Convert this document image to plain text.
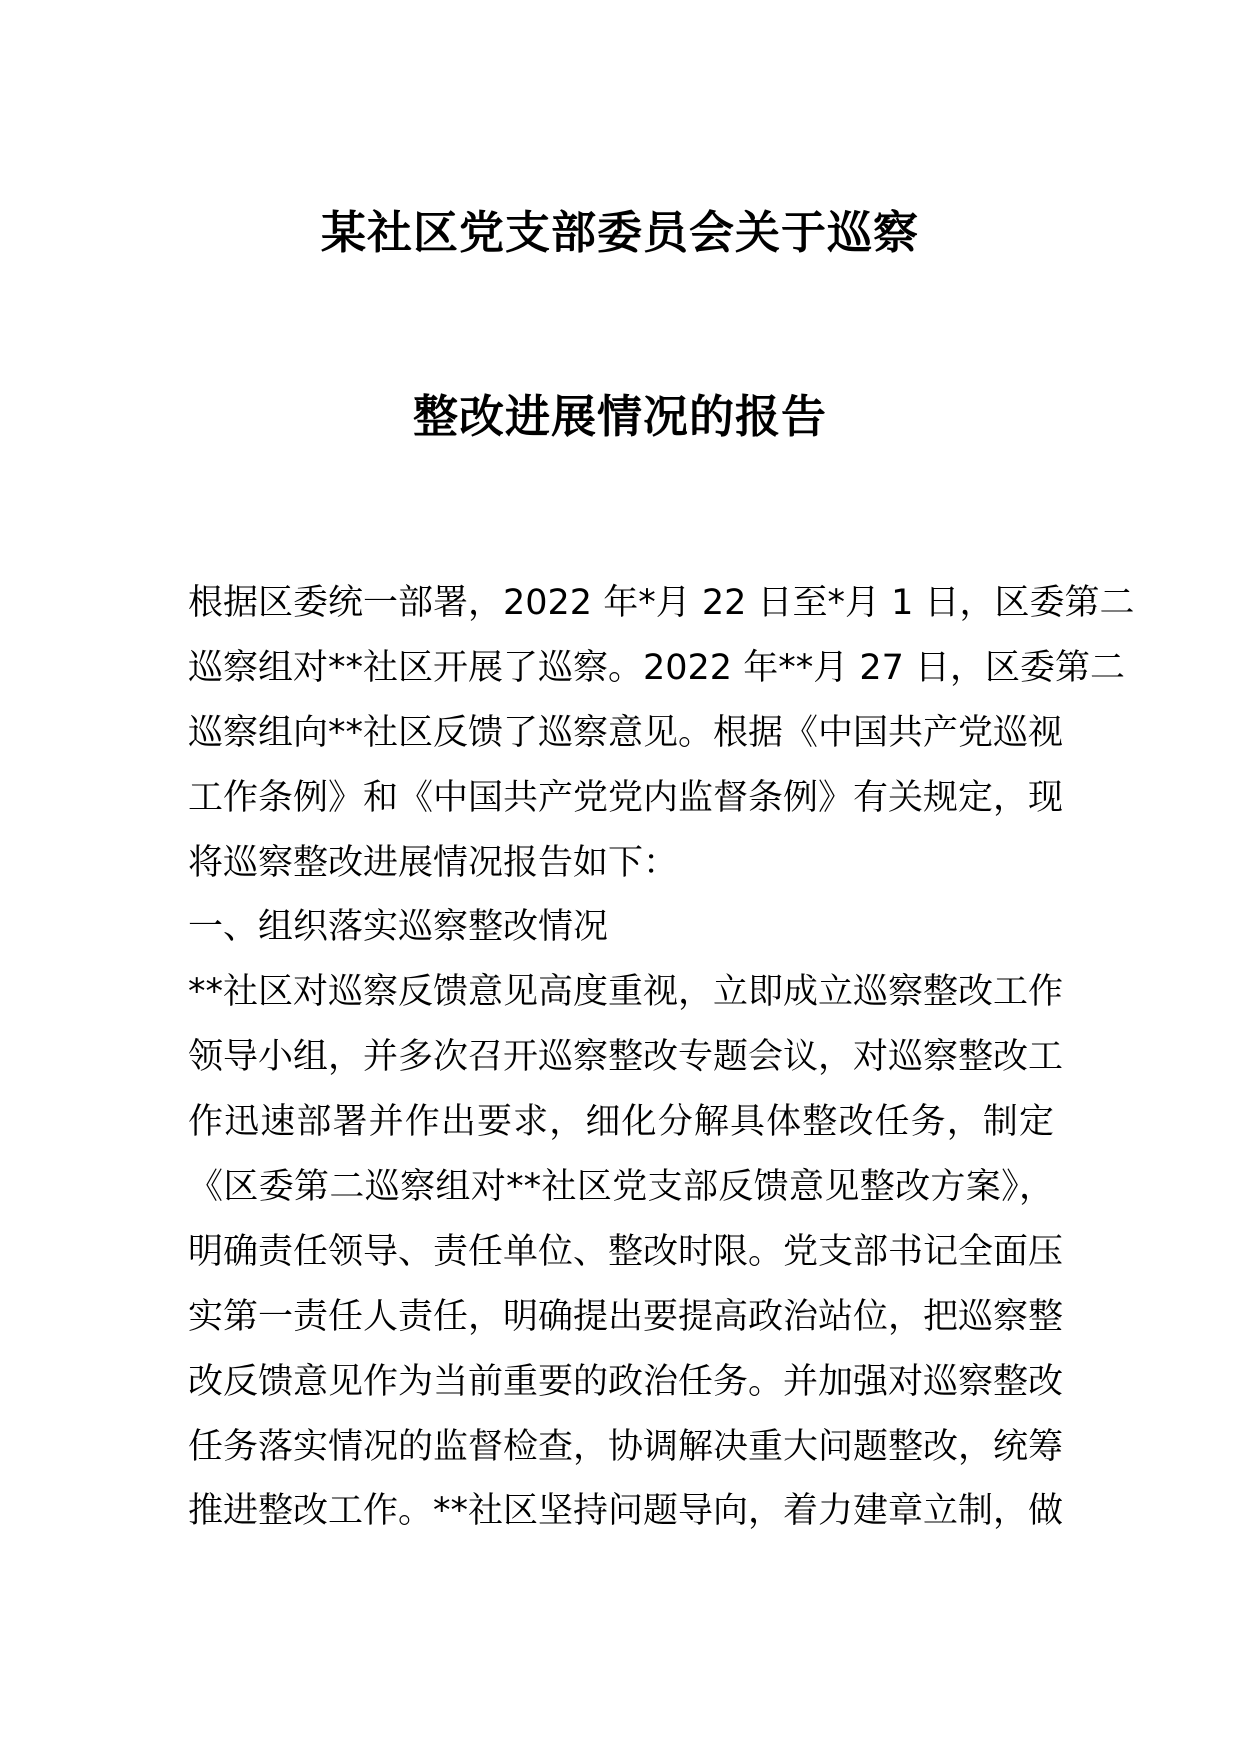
某社区党支部委员会关于巡察
整改进展情况的报告
根据区委统一部署，2022 年*月 22 日至*月 1 日，区委第二
巡察组对**社区开展了巡察。2022 年**月 27 日，区委第二
巡察组向**社区反馈了巡察意见。根据《中国共产党巡视
工作条例》和《中国共产党党内监督条例》有关规定，现
将巡察整改进展情况报告如下：
一、组织落实巡察整改情况
**社区对巡察反馈意见高度重视，立即成立巡察整改工作
领导小组，并多次召开巡察整改专题会议，对巡察整改工
作迅速部署并作出要求，细化分解具体整改任务，制定
《区委第二巡察组对**社区党支部反馈意见整改方案》，
明确责任领导、责任单位、整改时限。党支部书记全面压
实第一责任人责任，明确提出要提高政治站位，把巡察整
改反馈意见作为当前重要的政治任务。并加强对巡察整改
任务落实情况的监督检查，协调解决重大问题整改，统筹
推进整改工作。**社区坚持问题导向，着力建章立制，做
